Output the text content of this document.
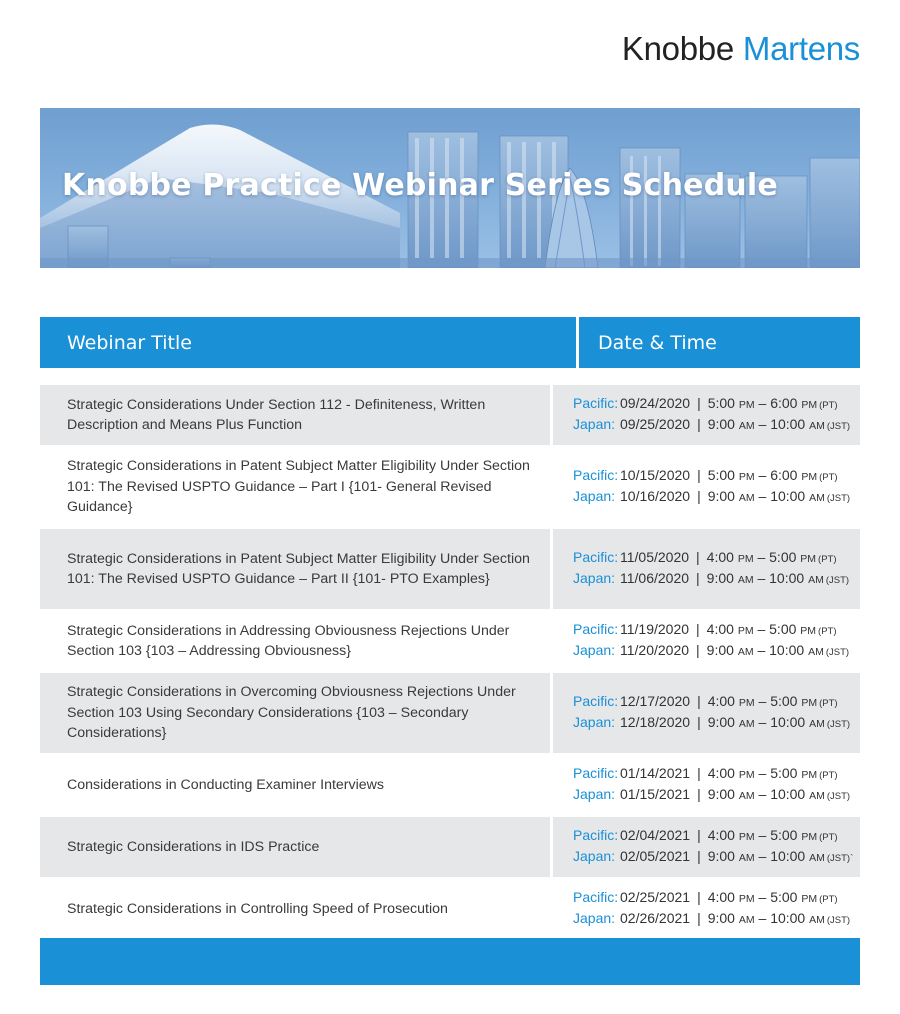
Knobbe Martens
Knobbe Practice Webinar Series Schedule
Webinar Title	Date & Time
Strategic Considerations Under Section 112 - Definiteness, Written Description and Means Plus Function
Pacific: 09/24/2020 | 5:00 PM – 6:00 PM (PT)
Japan: 09/25/2020 | 9:00 AM – 10:00 AM (JST)
Strategic Considerations in Patent Subject Matter Eligibility Under Section 101: The Revised USPTO Guidance – Part I {101- General Revised Guidance}
Pacific: 10/15/2020 | 5:00 PM – 6:00 PM (PT)
Japan: 10/16/2020 | 9:00 AM – 10:00 AM (JST)
Strategic Considerations in Patent Subject Matter Eligibility Under Section 101: The Revised USPTO Guidance – Part II {101- PTO Examples}
Pacific: 11/05/2020 | 4:00 PM – 5:00 PM (PT)
Japan: 11/06/2020 | 9:00 AM – 10:00 AM (JST)
Strategic Considerations in Addressing Obviousness Rejections Under Section 103 {103 – Addressing Obviousness}
Pacific: 11/19/2020 | 4:00 PM – 5:00 PM (PT)
Japan: 11/20/2020 | 9:00 AM – 10:00 AM (JST)
Strategic Considerations in Overcoming Obviousness Rejections Under Section 103 Using Secondary Considerations {103 – Secondary Considerations}
Pacific: 12/17/2020 | 4:00 PM – 5:00 PM (PT)
Japan: 12/18/2020 | 9:00 AM – 10:00 AM (JST)
Considerations in Conducting Examiner Interviews
Pacific: 01/14/2021 | 4:00 PM – 5:00 PM (PT)
Japan: 01/15/2021 | 9:00 AM – 10:00 AM (JST)
Strategic Considerations in IDS Practice
Pacific: 02/04/2021 | 4:00 PM – 5:00 PM (PT)
Japan: 02/05/2021 | 9:00 AM – 10:00 AM (JST)`
Strategic Considerations in Controlling Speed of Prosecution
Pacific: 02/25/2021 | 4:00 PM – 5:00 PM (PT)
Japan: 02/26/2021 | 9:00 AM – 10:00 AM (JST)
